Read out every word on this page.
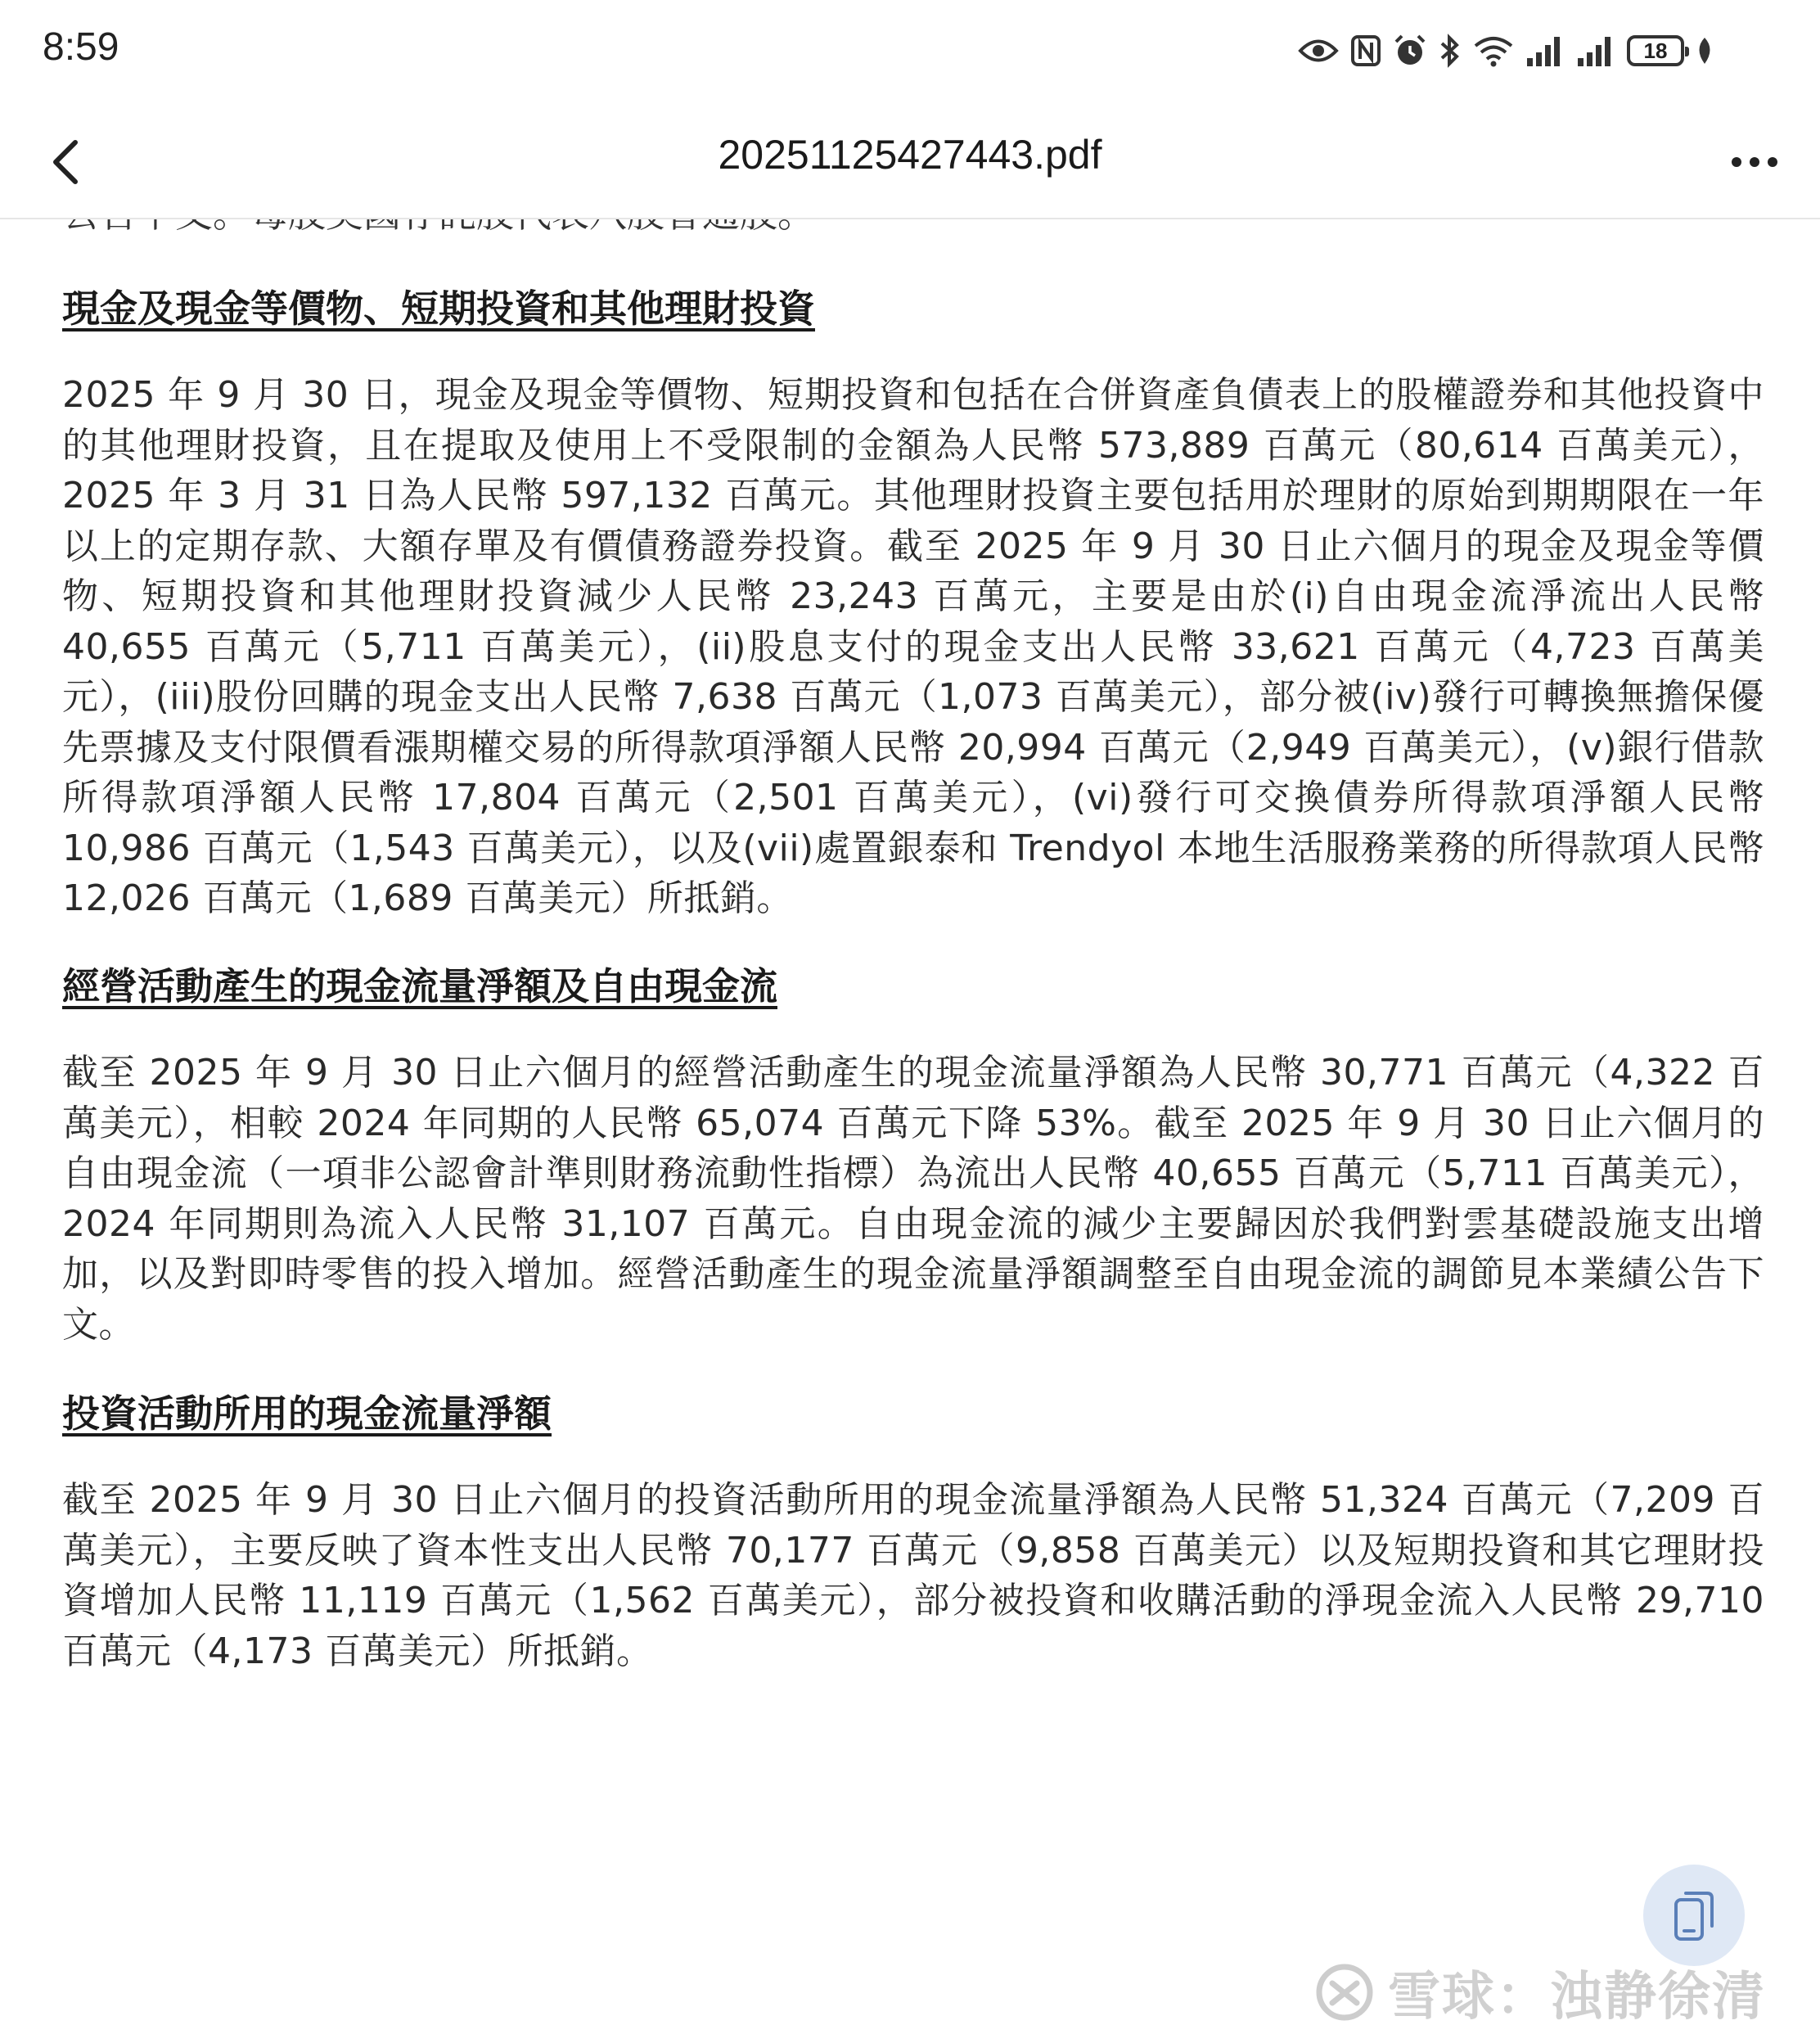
8:59	18
20251125427443.pdf
現金及現金等價物、短期投資和其他理財投資
2025 年 9 月 30 日，現金及現金等價物、短期投資和包括在合併資產負債表上的股權證券和其他投資中的其他理財投資，且在提取及使用上不受限制的金額為人民幣 573,889 百萬元（80,614 百萬美元），2025 年 3 月 31 日為人民幣 597,132 百萬元。其他理財投資主要包括用於理財的原始到期期限在一年以上的定期存款、大額存單及有價債務證券投資。截至 2025 年 9 月 30 日止六個月的現金及現金等價物、短期投資和其他理財投資減少人民幣 23,243 百萬元，主要是由於(i)自由現金流淨流出人民幣 40,655 百萬元（5,711 百萬美元），(ii)股息支付的現金支出人民幣 33,621 百萬元（4,723 百萬美元），(iii)股份回購的現金支出人民幣 7,638 百萬元（1,073 百萬美元），部分被(iv)發行可轉換無擔保優先票據及支付限價看漲期權交易的所得款項淨額人民幣 20,994 百萬元（2,949 百萬美元），(v)銀行借款所得款項淨額人民幣 17,804 百萬元（2,501 百萬美元），(vi)發行可交換債券所得款項淨額人民幣 10,986 百萬元（1,543 百萬美元），以及(vii)處置銀泰和 Trendyol 本地生活服務業務的所得款項人民幣 12,026 百萬元（1,689 百萬美元）所抵銷。
經營活動產生的現金流量淨額及自由現金流
截至 2025 年 9 月 30 日止六個月的經營活動產生的現金流量淨額為人民幣 30,771 百萬元（4,322 百萬美元），相較 2024 年同期的人民幣 65,074 百萬元下降 53%。截至 2025 年 9 月 30 日止六個月的自由現金流（一項非公認會計準則財務流動性指標）為流出人民幣 40,655 百萬元（5,711 百萬美元），2024 年同期則為流入人民幣 31,107 百萬元。自由現金流的減少主要歸因於我們對雲基礎設施支出增加，以及對即時零售的投入增加。經營活動產生的現金流量淨額調整至自由現金流的調節見本業績公告下文。
投資活動所用的現金流量淨額
截至 2025 年 9 月 30 日止六個月的投資活動所用的現金流量淨額為人民幣 51,324 百萬元（7,209 百萬美元），主要反映了資本性支出人民幣 70,177 百萬元（9,858 百萬美元）以及短期投資和其它理財投資增加人民幣 11,119 百萬元（1,562 百萬美元），部分被投資和收購活動的淨現金流入人民幣 29,710 百萬元（4,173 百萬美元）所抵銷。
雪球：浊静徐清
